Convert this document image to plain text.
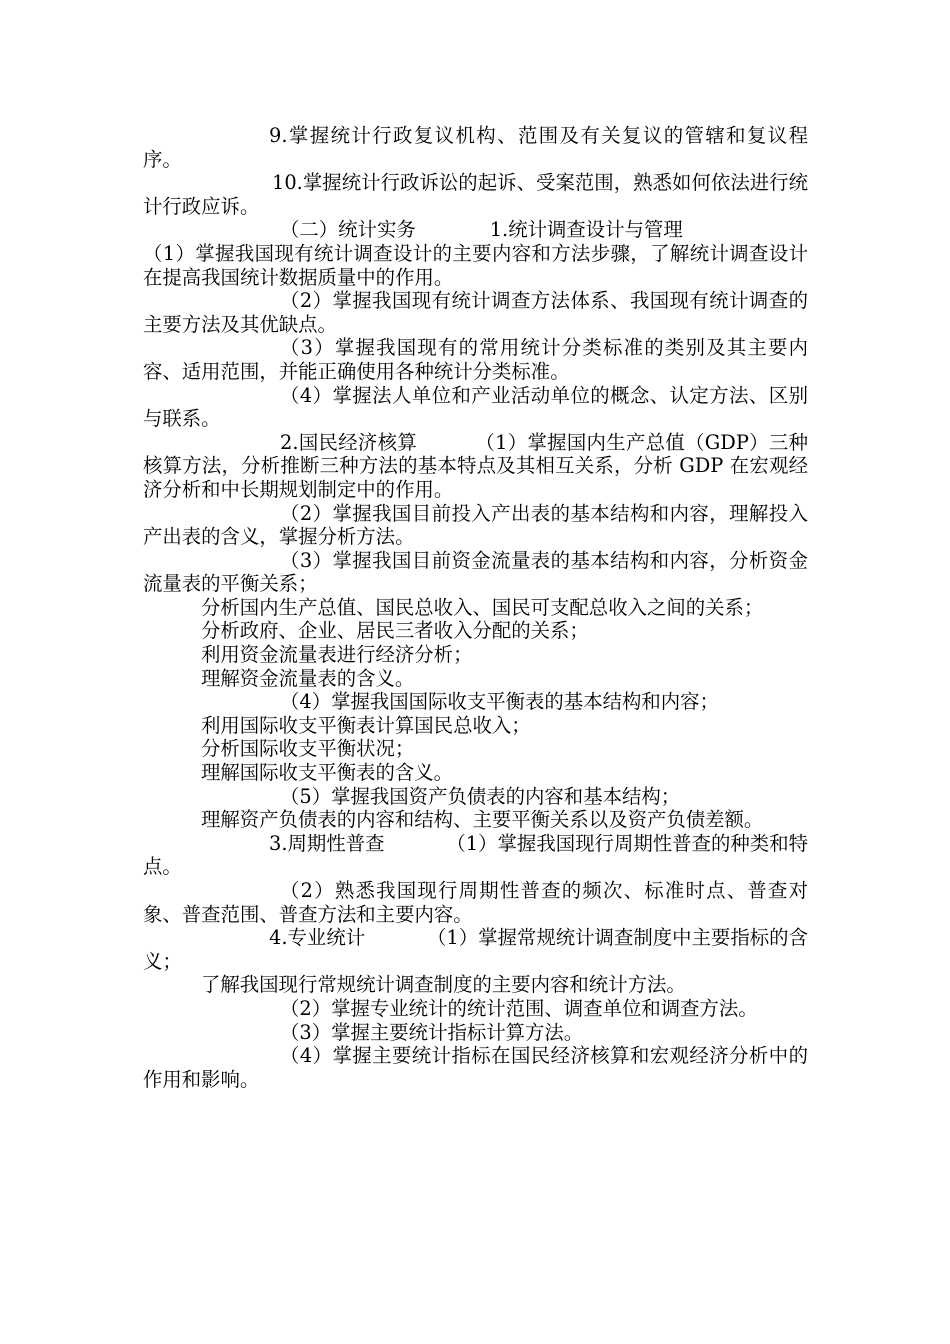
9.掌握统计行政复议机构、范围及有关复议的管辖和复议程序。

10.掌握统计行政诉讼的起诉、受案范围，熟悉如何依法进行统计行政应诉。

（二）统计实务	1.统计调查设计与管理

（1）掌握我国现有统计调查设计的主要内容和方法步骤，了解统计调查设计在提高我国统计数据质量中的作用。

（2）掌握我国现有统计调查方法体系、我国现有统计调查的主要方法及其优缺点。

（3）掌握我国现有的常用统计分类标准的类别及其主要内容、适用范围，并能正确使用各种统计分类标准。

（4）掌握法人单位和产业活动单位的概念、认定方法、区别与联系。

2.国民经济核算	（1）掌握国内生产总值（GDP）三种核算方法，分析推断三种方法的基本特点及其相互关系，分析 GDP 在宏观经济分析和中长期规划制定中的作用。

（2）掌握我国目前投入产出表的基本结构和内容，理解投入产出表的含义，掌握分析方法。

（3）掌握我国目前资金流量表的基本结构和内容，分析资金流量表的平衡关系；

分析国内生产总值、国民总收入、国民可支配总收入之间的关系；

分析政府、企业、居民三者收入分配的关系；

利用资金流量表进行经济分析；

理解资金流量表的含义。

（4）掌握我国国际收支平衡表的基本结构和内容；

利用国际收支平衡表计算国民总收入；

分析国际收支平衡状况；

理解国际收支平衡表的含义。

（5）掌握我国资产负债表的内容和基本结构；

理解资产负债表的内容和结构、主要平衡关系以及资产负债差额。

3.周期性普查	（1）掌握我国现行周期性普查的种类和特点。

（2）熟悉我国现行周期性普查的频次、标准时点、普查对象、普查范围、普查方法和主要内容。

4.专业统计	（1）掌握常规统计调查制度中主要指标的含义；

了解我国现行常规统计调查制度的主要内容和统计方法。

（2）掌握专业统计的统计范围、调查单位和调查方法。

（3）掌握主要统计指标计算方法。

（4）掌握主要统计指标在国民经济核算和宏观经济分析中的作用和影响。
